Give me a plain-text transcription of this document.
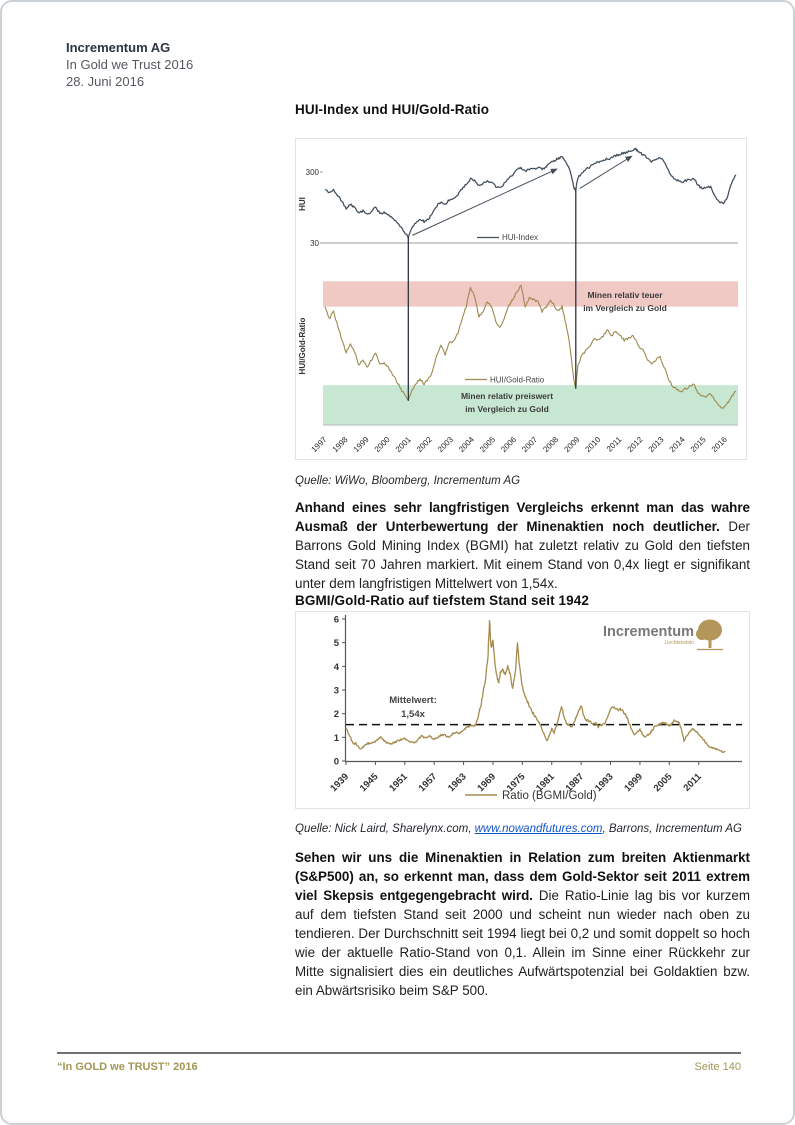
Incrementum AG
In Gold we Trust 2016
28. Juni 2016
HUI-Index und HUI/Gold-Ratio
300
30
HUI
HUI-Index
Minen relativ teuer
im Vergleich zu Gold
Minen relativ preiswert
im Vergleich zu Gold
HUI/Gold-Ratio
HUI/Gold-Ratio
1997 1998 1999 2000 2001 2002 2003 2004 2005 2006 2007 2008 2009 2010 2011 2012 2013 2014 2015 2016

Quelle: WiWo, Bloomberg, Incrementum AG

Anhand eines sehr langfristigen Vergleichs erkennt man das wahre Ausmaß der Unterbewertung der Minenaktien noch deutlicher. Der Barrons Gold Mining Index (BGMI) hat zuletzt relativ zu Gold den tiefsten Stand seit 70 Jahren markiert. Mit einem Stand von 0,4x liegt er signifikant unter dem langfristigen Mittelwert von 1,54x.

BGMI/Gold-Ratio auf tiefstem Stand seit 1942
0
1
2
3
4
5
6
1939 1945 1951 1957 1963 1969 1975 1981 1987 1993 1999 2005 2011
Mittelwert:
1,54x
Ratio (BGMI/Gold)
Incrementum
Liechtenstein

Quelle: Nick Laird, Sharelynx.com, www.nowandfutures.com, Barrons, Incrementum AG

Sehen wir uns die Minenaktien in Relation zum breiten Aktienmarkt (S&P500) an, so erkennt man, dass dem Gold-Sektor seit 2011 extrem viel Skepsis entgegengebracht wird. Die Ratio-Linie lag bis vor kurzem auf dem tiefsten Stand seit 2000 und scheint nun wieder nach oben zu tendieren. Der Durchschnitt seit 1994 liegt bei 0,2 und somit doppelt so hoch wie der aktuelle Ratio-Stand von 0,1. Allein im Sinne einer Rückkehr zur Mitte signalisiert dies ein deutliches Aufwärtspotenzial bei Goldaktien bzw. ein Abwärtsrisiko beim S&P 500.

“In GOLD we TRUST” 2016	Seite 140
